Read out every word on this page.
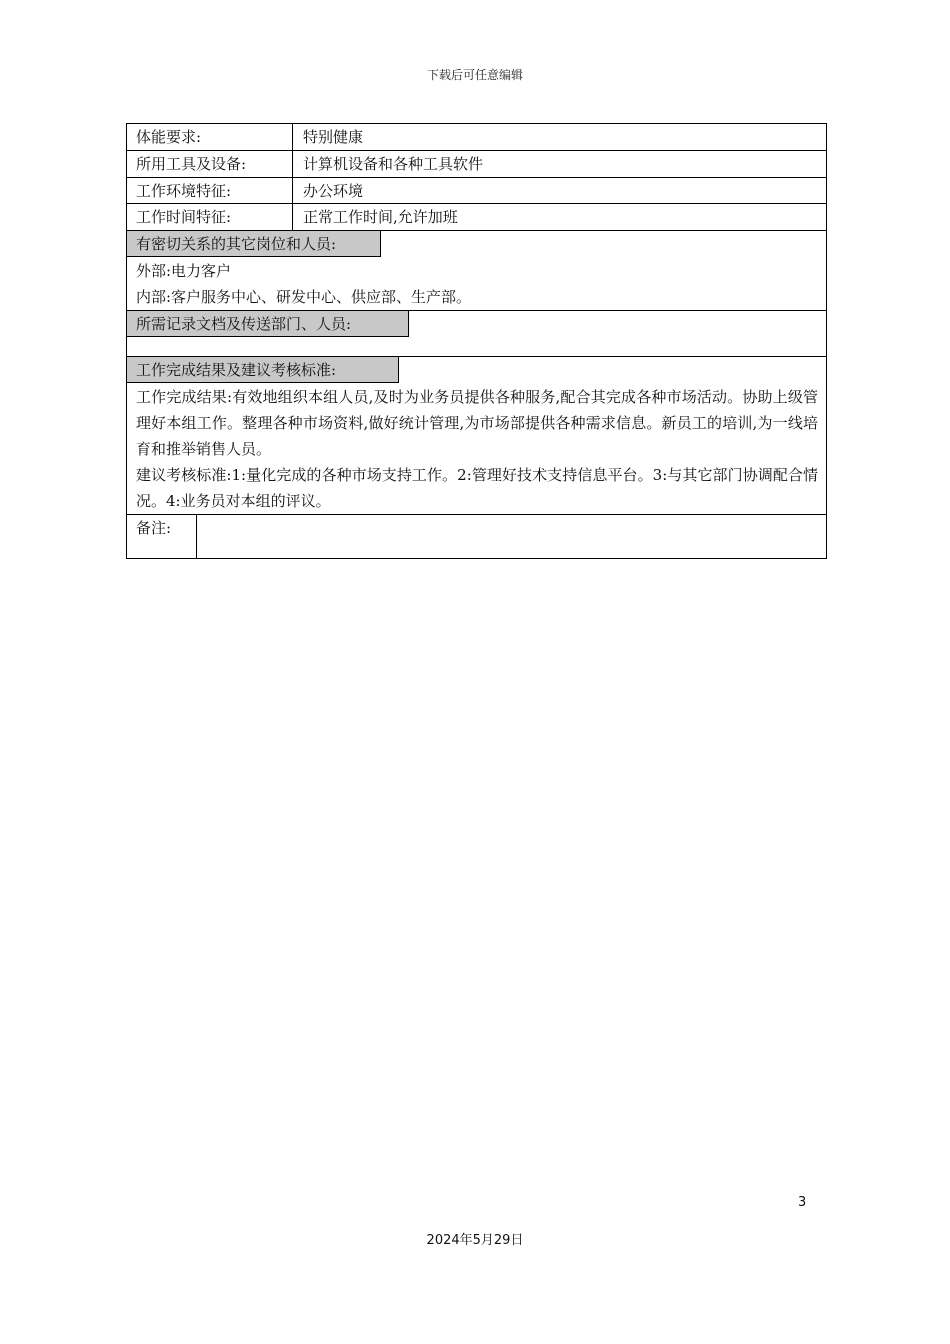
下载后可任意编辑
体能要求:	特别健康
所用工具及设备:	计算机设备和各种工具软件
工作环境特征:	办公环境
工作时间特征:	正常工作时间,允许加班
有密切关系的其它岗位和人员:
外部:电力客户
内部:客户服务中心、研发中心、供应部、生产部。
所需记录文档及传送部门、人员:
工作完成结果及建议考核标准:
工作完成结果:有效地组织本组人员,及时为业务员提供各种服务,配合其完成各种市场活动。协助上级管理好本组工作。整理各种市场资料,做好统计管理,为市场部提供各种需求信息。新员工的培训,为一线培育和推举销售人员。
建议考核标准:1:量化完成的各种市场支持工作。2:管理好技术支持信息平台。3:与其它部门协调配合情况。4:业务员对本组的评议。
备注:
3
2024年5月29日
